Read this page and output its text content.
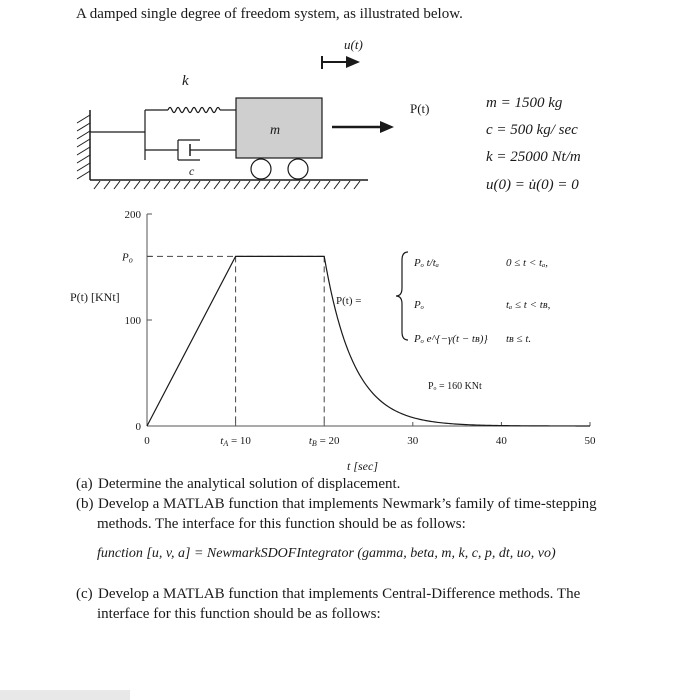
A damped single degree of freedom system, as illustrated below.
u(t)
k
c
m
P(t)	m = 1500 kg
c = 500 kg/ sec
k = 25000 Nt/m
u(0) = u̇(0) = 0
0
100
Po
200
0	tA = 10	tB = 20	30	40	50
P(t) [KNt]
t [sec]
P(t) =
Pₒ t/tₐ	0 ≤ t < tₐ,
Pₒ	tₐ ≤ t < tʙ,
Pₒ e^{−γ(t − tʙ)} tʙ ≤ t.
Pₒ = 160 KNt
(a) Determine the analytical solution of displacement.
(b) Develop a MATLAB function that implements Newmark’s family of time-stepping
methods. The interface for this function should be as follows:
function [u, v, a] = NewmarkSDOFIntegrator (gamma, beta, m, k, c, p, dt, uo, vo)
(c) Develop a MATLAB function that implements Central-Difference methods. The
interface for this function should be as follows:
